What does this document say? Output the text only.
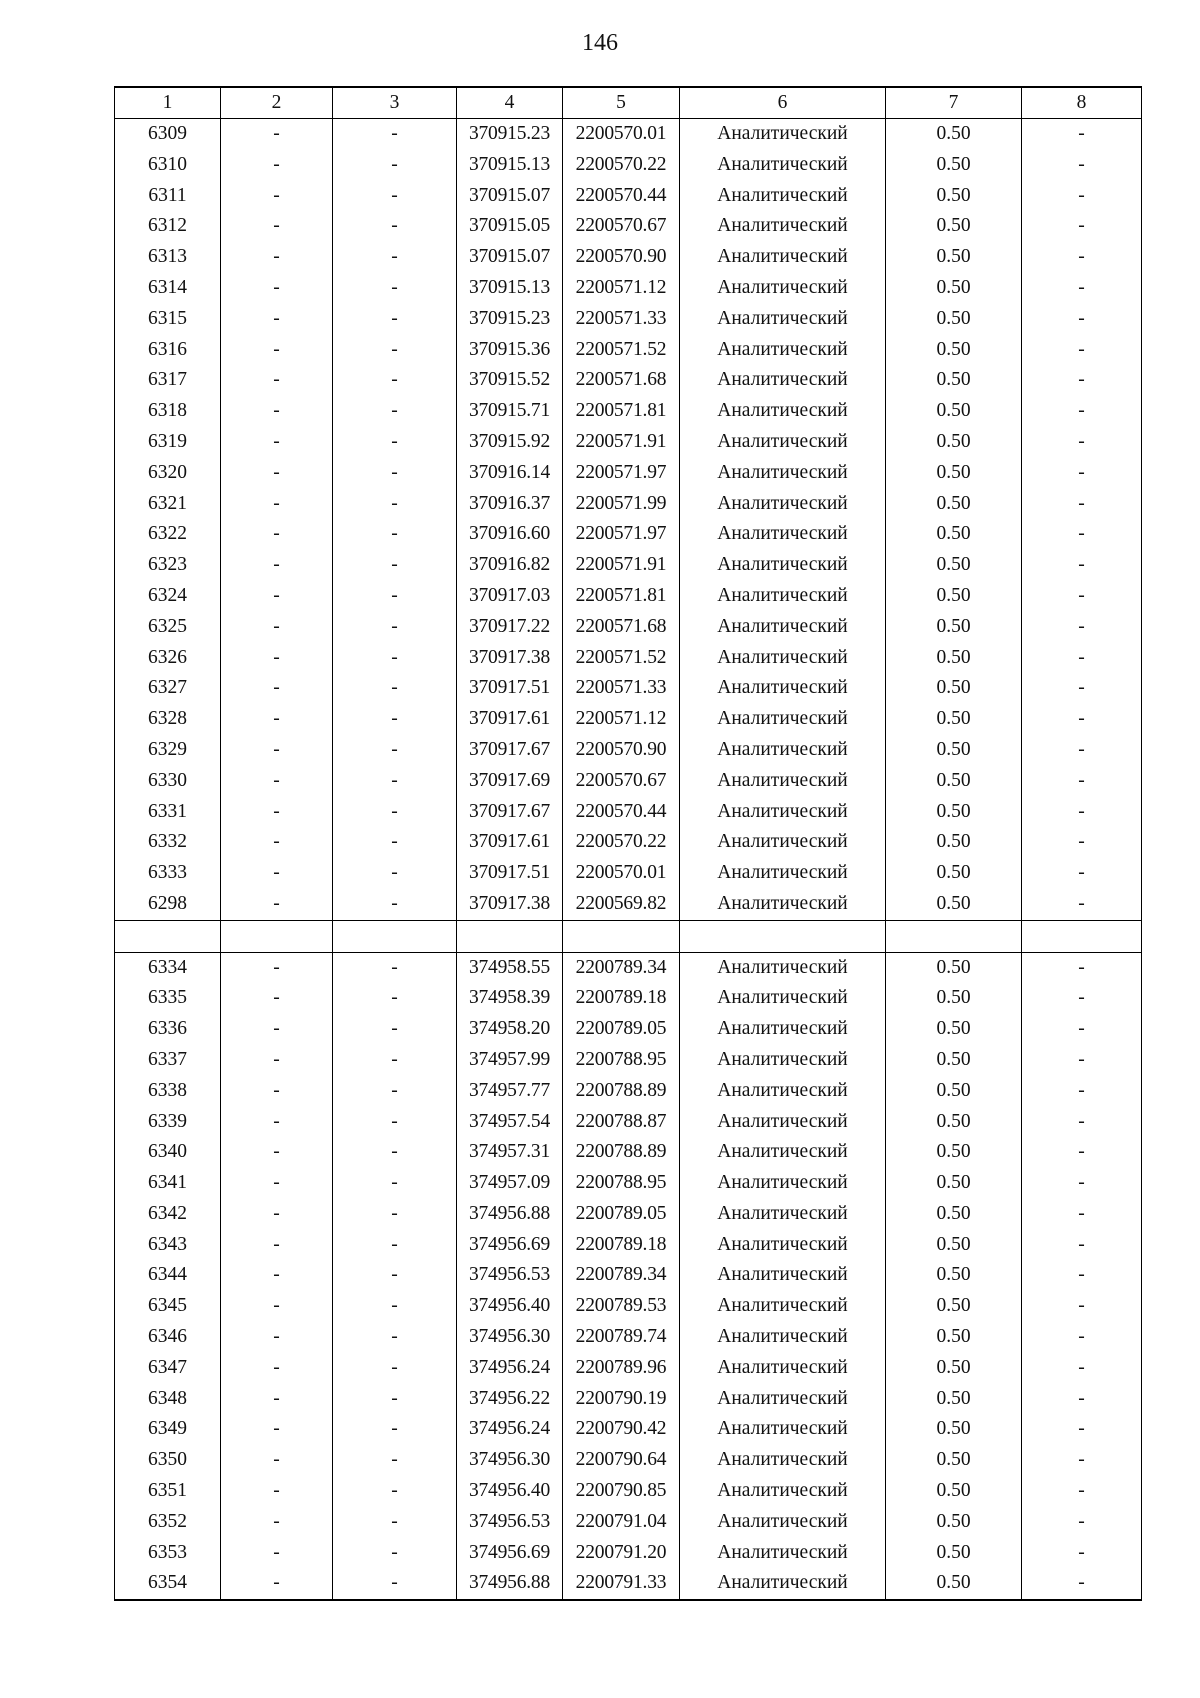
146
1	2	3	4	5	6	7	8
6309	-	-	370915.23	2200570.01	Аналитический	0.50	-
6310	-	-	370915.13	2200570.22	Аналитический	0.50	-
6311	-	-	370915.07	2200570.44	Аналитический	0.50	-
6312	-	-	370915.05	2200570.67	Аналитический	0.50	-
6313	-	-	370915.07	2200570.90	Аналитический	0.50	-
6314	-	-	370915.13	2200571.12	Аналитический	0.50	-
6315	-	-	370915.23	2200571.33	Аналитический	0.50	-
6316	-	-	370915.36	2200571.52	Аналитический	0.50	-
6317	-	-	370915.52	2200571.68	Аналитический	0.50	-
6318	-	-	370915.71	2200571.81	Аналитический	0.50	-
6319	-	-	370915.92	2200571.91	Аналитический	0.50	-
6320	-	-	370916.14	2200571.97	Аналитический	0.50	-
6321	-	-	370916.37	2200571.99	Аналитический	0.50	-
6322	-	-	370916.60	2200571.97	Аналитический	0.50	-
6323	-	-	370916.82	2200571.91	Аналитический	0.50	-
6324	-	-	370917.03	2200571.81	Аналитический	0.50	-
6325	-	-	370917.22	2200571.68	Аналитический	0.50	-
6326	-	-	370917.38	2200571.52	Аналитический	0.50	-
6327	-	-	370917.51	2200571.33	Аналитический	0.50	-
6328	-	-	370917.61	2200571.12	Аналитический	0.50	-
6329	-	-	370917.67	2200570.90	Аналитический	0.50	-
6330	-	-	370917.69	2200570.67	Аналитический	0.50	-
6331	-	-	370917.67	2200570.44	Аналитический	0.50	-
6332	-	-	370917.61	2200570.22	Аналитический	0.50	-
6333	-	-	370917.51	2200570.01	Аналитический	0.50	-
6298	-	-	370917.38	2200569.82	Аналитический	0.50	-

6334	-	-	374958.55	2200789.34	Аналитический	0.50	-
6335	-	-	374958.39	2200789.18	Аналитический	0.50	-
6336	-	-	374958.20	2200789.05	Аналитический	0.50	-
6337	-	-	374957.99	2200788.95	Аналитический	0.50	-
6338	-	-	374957.77	2200788.89	Аналитический	0.50	-
6339	-	-	374957.54	2200788.87	Аналитический	0.50	-
6340	-	-	374957.31	2200788.89	Аналитический	0.50	-
6341	-	-	374957.09	2200788.95	Аналитический	0.50	-
6342	-	-	374956.88	2200789.05	Аналитический	0.50	-
6343	-	-	374956.69	2200789.18	Аналитический	0.50	-
6344	-	-	374956.53	2200789.34	Аналитический	0.50	-
6345	-	-	374956.40	2200789.53	Аналитический	0.50	-
6346	-	-	374956.30	2200789.74	Аналитический	0.50	-
6347	-	-	374956.24	2200789.96	Аналитический	0.50	-
6348	-	-	374956.22	2200790.19	Аналитический	0.50	-
6349	-	-	374956.24	2200790.42	Аналитический	0.50	-
6350	-	-	374956.30	2200790.64	Аналитический	0.50	-
6351	-	-	374956.40	2200790.85	Аналитический	0.50	-
6352	-	-	374956.53	2200791.04	Аналитический	0.50	-
6353	-	-	374956.69	2200791.20	Аналитический	0.50	-
6354	-	-	374956.88	2200791.33	Аналитический	0.50	-
